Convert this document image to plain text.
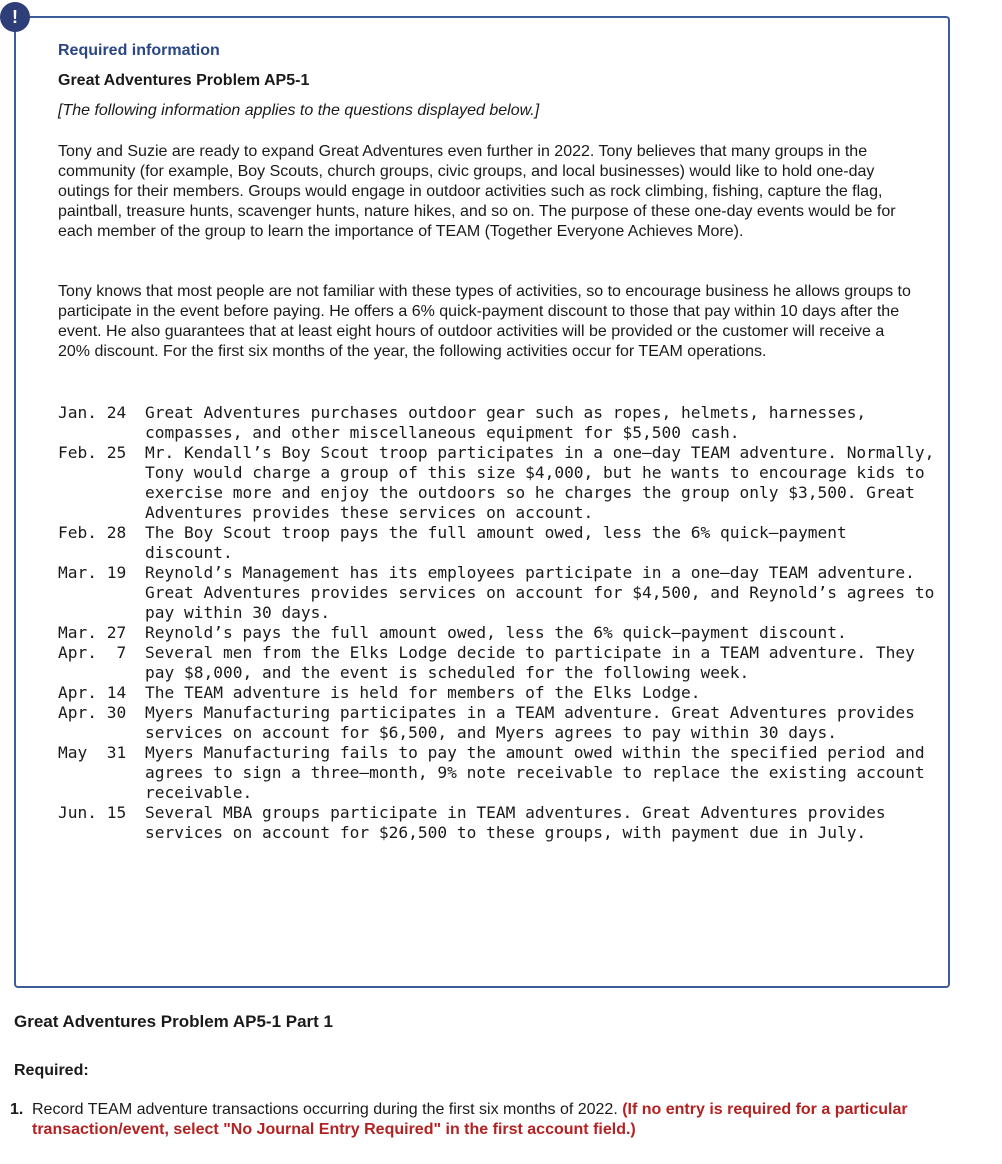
!
Required information
Great Adventures Problem AP5-1
[The following information applies to the questions displayed below.]

Tony and Suzie are ready to expand Great Adventures even further in 2022. Tony believes that many groups in the community (for example, Boy Scouts, church groups, civic groups, and local businesses) would like to hold one-day outings for their members. Groups would engage in outdoor activities such as rock climbing, fishing, capture the flag, paintball, treasure hunts, scavenger hunts, nature hikes, and so on. The purpose of these one-day events would be for each member of the group to learn the importance of TEAM (Together Everyone Achieves More).

Tony knows that most people are not familiar with these types of activities, so to encourage business he allows groups to participate in the event before paying. He offers a 6% quick-payment discount to those that pay within 10 days after the event. He also guarantees that at least eight hours of outdoor activities will be provided or the customer will receive a 20% discount. For the first six months of the year, the following activities occur for TEAM operations.

Jan. 24	Great Adventures purchases outdoor gear such as ropes, helmets, harnesses, compasses, and other miscellaneous equipment for $5,500 cash.
Feb. 25	Mr. Kendall’s Boy Scout troop participates in a one–day TEAM adventure. Normally, Tony would charge a group of this size $4,000, but he wants to encourage kids to exercise more and enjoy the outdoors so he charges the group only $3,500. Great Adventures provides these services on account.
Feb. 28	The Boy Scout troop pays the full amount owed, less the 6% quick–payment discount.
Mar. 19	Reynold’s Management has its employees participate in a one–day TEAM adventure. Great Adventures provides services on account for $4,500, and Reynold’s agrees to pay within 30 days.
Mar. 27	Reynold’s pays the full amount owed, less the 6% quick–payment discount.
Apr.  7	Several men from the Elks Lodge decide to participate in a TEAM adventure. They pay $8,000, and the event is scheduled for the following week.
Apr. 14	The TEAM adventure is held for members of the Elks Lodge.
Apr. 30	Myers Manufacturing participates in a TEAM adventure. Great Adventures provides services on account for $6,500, and Myers agrees to pay within 30 days.
May  31	Myers Manufacturing fails to pay the amount owed within the specified period and agrees to sign a three–month, 9% note receivable to replace the existing account receivable.
Jun. 15	Several MBA groups participate in TEAM adventures. Great Adventures provides services on account for $26,500 to these groups, with payment due in July.
Great Adventures Problem AP5-1 Part 1
Required:
1. Record TEAM adventure transactions occurring during the first six months of 2022. (If no entry is required for a particular transaction/event, select "No Journal Entry Required" in the first account field.)
